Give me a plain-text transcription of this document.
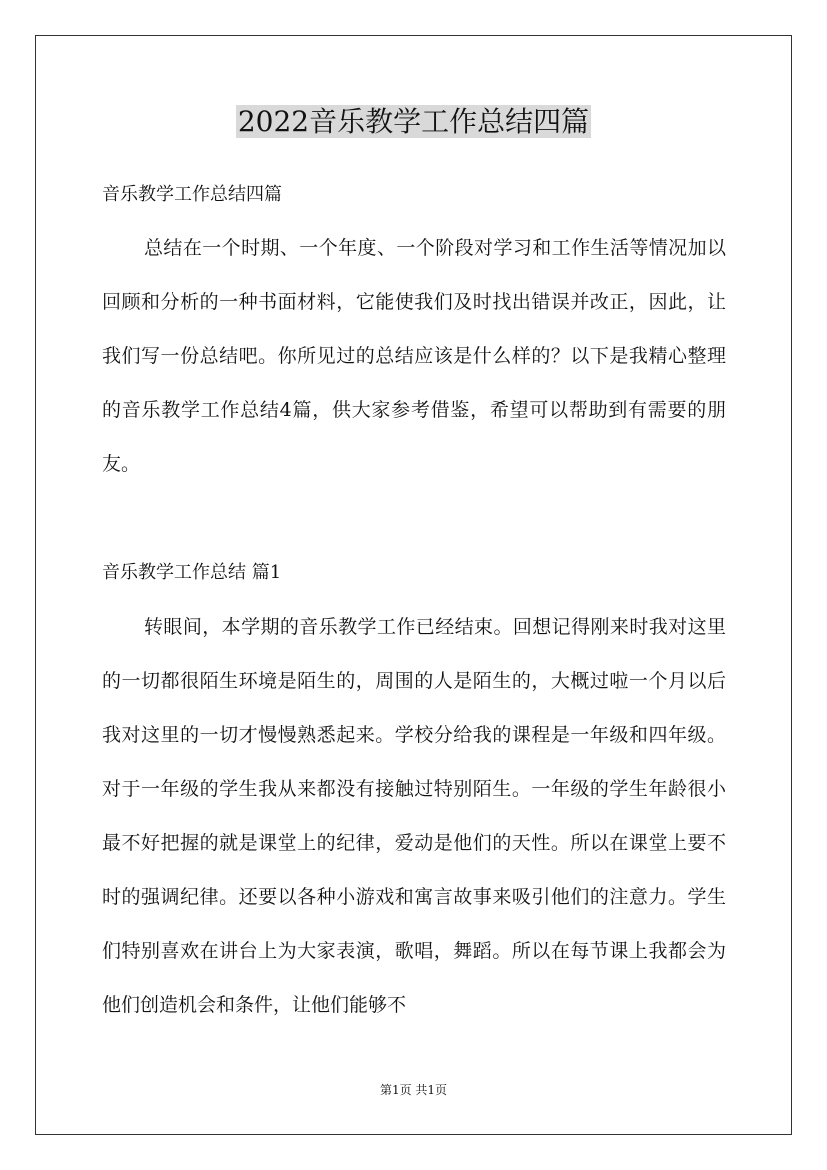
2022音乐教学工作总结四篇

音乐教学工作总结四篇

总结在一个时期、一个年度、一个阶段对学习和工作生活等情况加以回顾和分析的一种书面材料，它能使我们及时找出错误并改正，因此，让我们写一份总结吧。你所见过的总结应该是什么样的？以下是我精心整理的音乐教学工作总结4篇，供大家参考借鉴，希望可以帮助到有需要的朋友。

音乐教学工作总结 篇1

转眼间，本学期的音乐教学工作已经结束。回想记得刚来时我对这里的一切都很陌生环境是陌生的，周围的人是陌生的，大概过啦一个月以后我对这里的一切才慢慢熟悉起来。学校分给我的课程是一年级和四年级。对于一年级的学生我从来都没有接触过特别陌生。一年级的学生年龄很小最不好把握的就是课堂上的纪律，爱动是他们的天性。所以在课堂上要不时的强调纪律。还要以各种小游戏和寓言故事来吸引他们的注意力。学生们特别喜欢在讲台上为大家表演，歌唱，舞蹈。所以在每节课上我都会为他们创造机会和条件，让他们能够不

第1页 共1页
